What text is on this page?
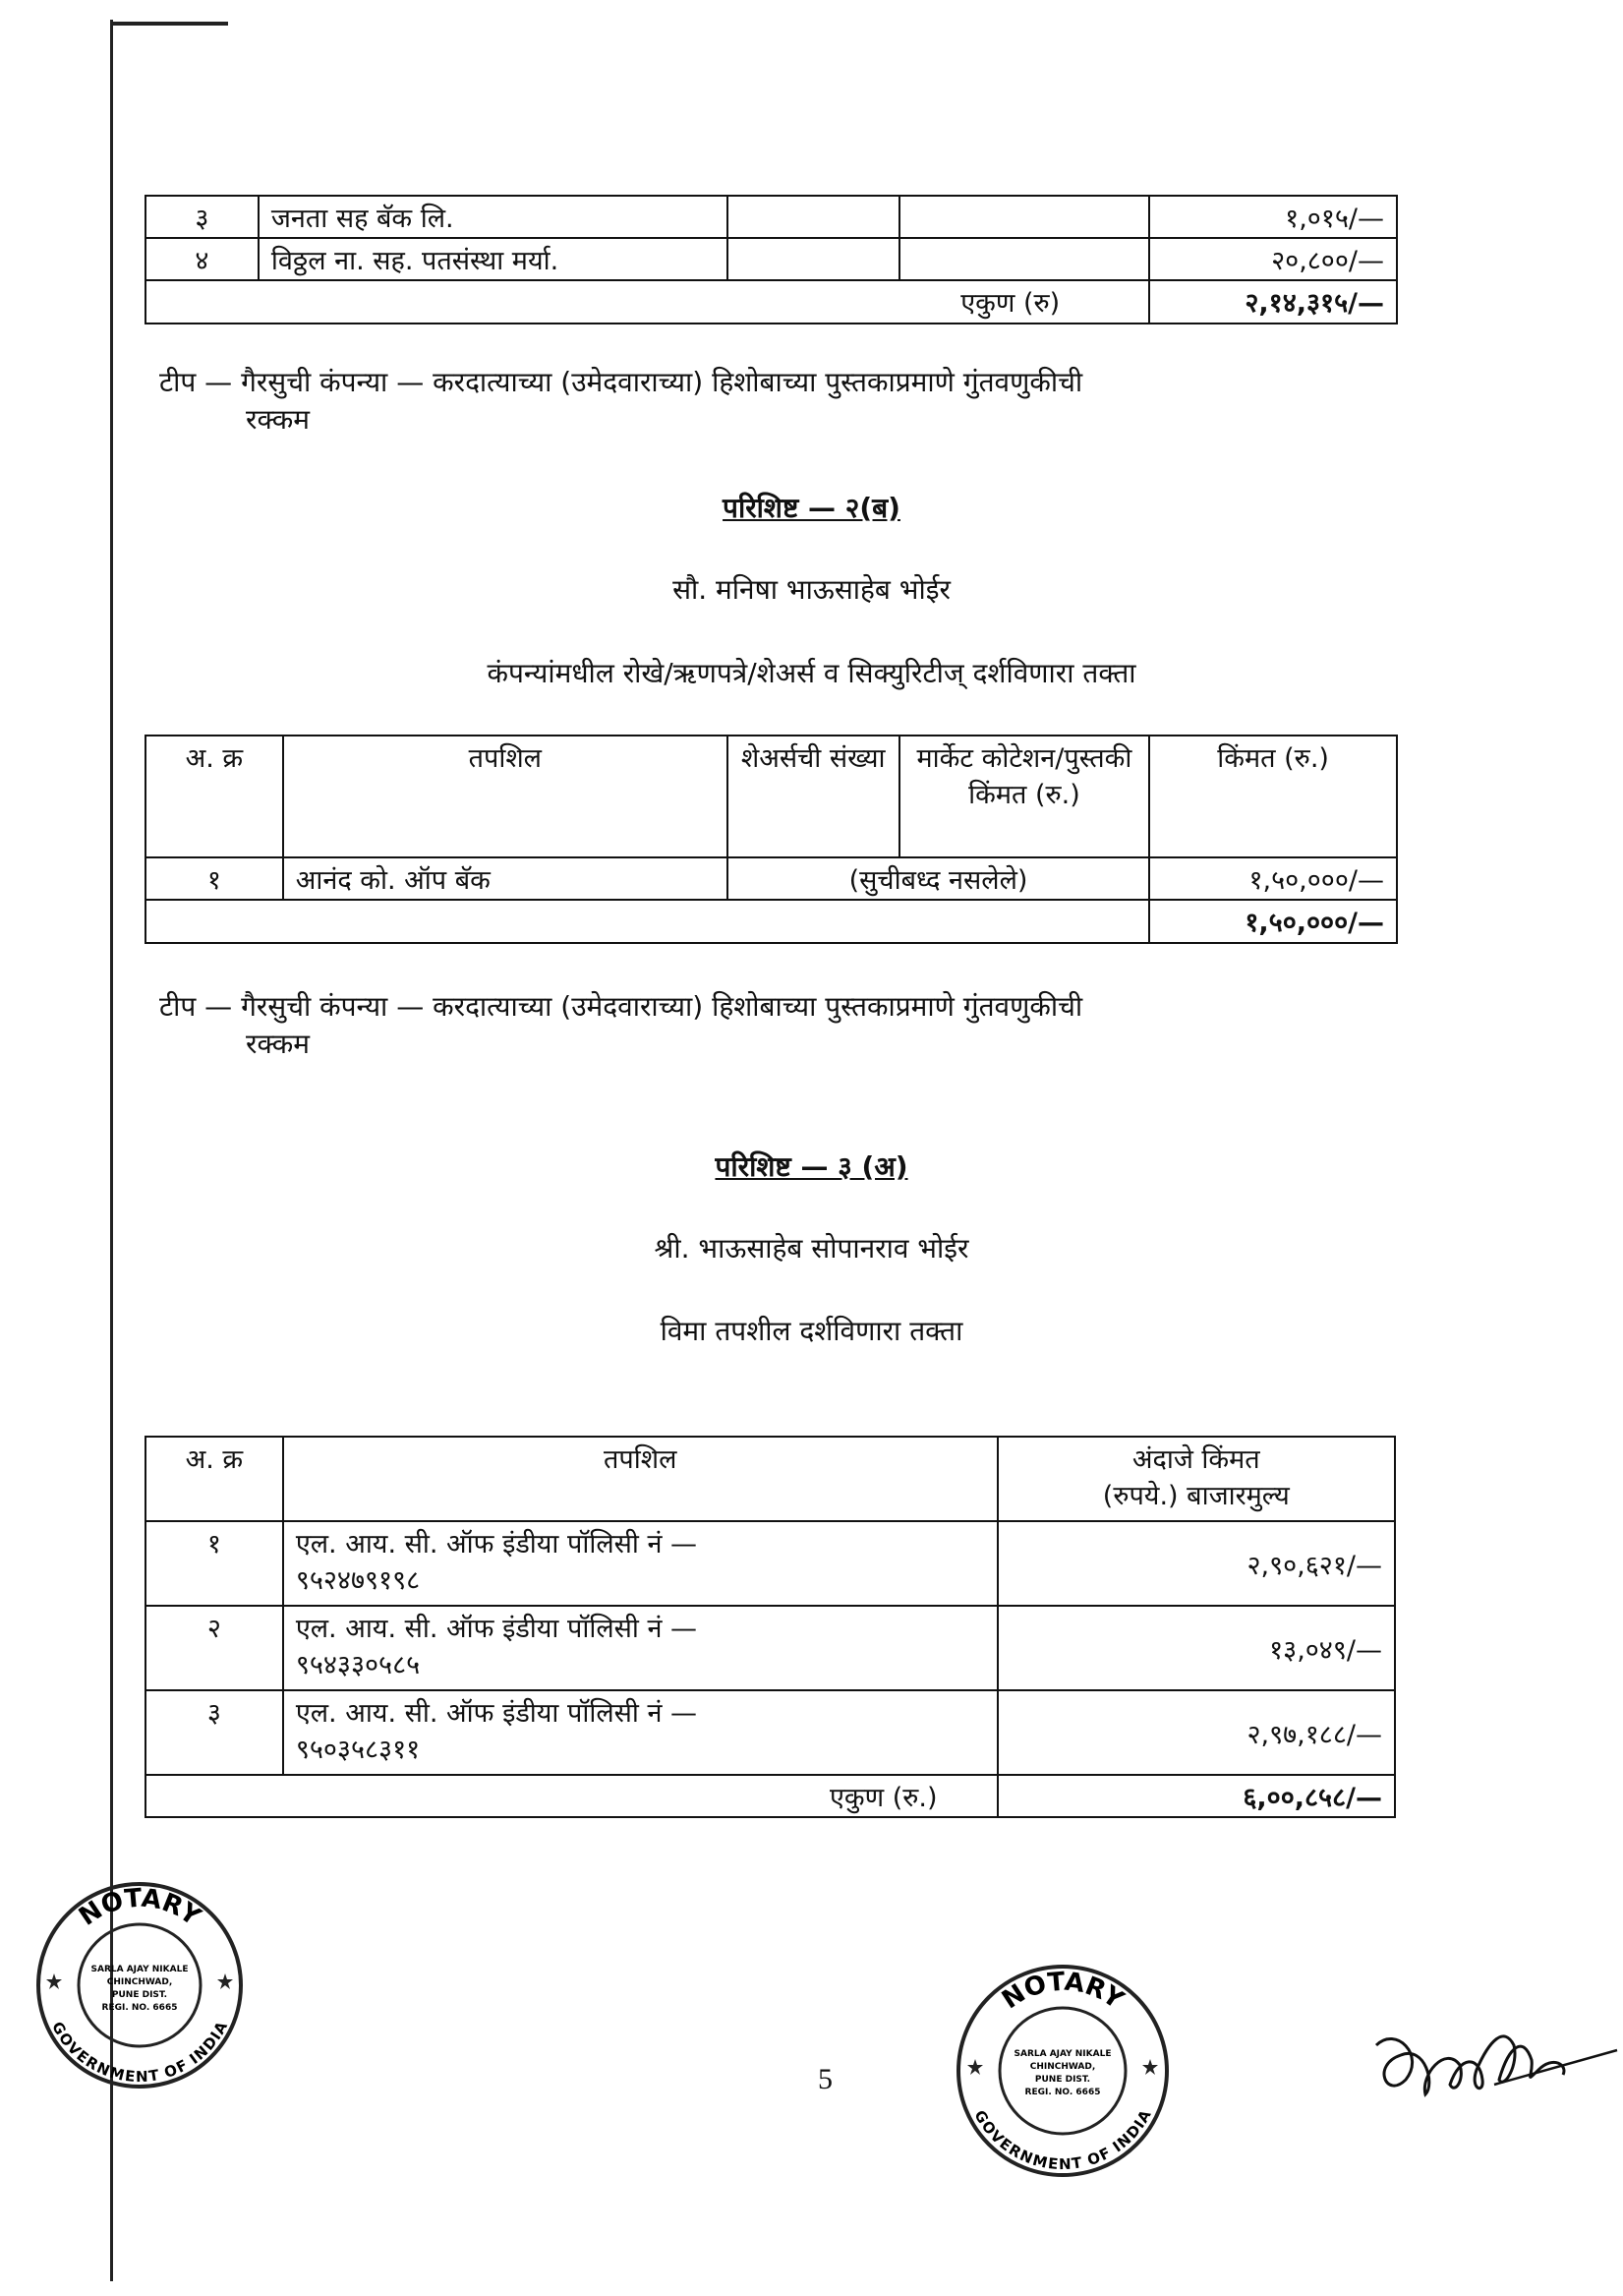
३	जनता सह बॅक लि.			१,०१५/—
४	विठ्ठल ना. सह. पतसंस्था मर्या.			२०,८००/—
एकुण (रु)				२,१४,३१५/—
टीप — गैरसुची कंपन्या — करदात्याच्या (उमेदवाराच्या) हिशोबाच्या पुस्तकाप्रमाणे गुंतवणुकीची
रक्कम
परिशिष्ट — २(ब)
सौ. मनिषा भाऊसाहेब भोईर
कंपन्यांमधील रोखे/ऋणपत्रे/शेअर्स व सिक्युरिटीज् दर्शविणारा तक्ता
अ. क्र	तपशिल	शेअर्सची संख्या	मार्केट कोटेशन/पुस्तकी किंमत (रु.)	किंमत (रु.)
१	आनंद को. ऑप बॅक	(सुचीबध्द नसलेले)		१,५०,०००/—
				१,५०,०००/—
टीप — गैरसुची कंपन्या — करदात्याच्या (उमेदवाराच्या) हिशोबाच्या पुस्तकाप्रमाणे गुंतवणुकीची
रक्कम
परिशिष्ट — ३ (अ)
श्री. भाऊसाहेब सोपानराव भोईर
विमा तपशील दर्शविणारा तक्ता
अ. क्र	तपशिल	अंदाजे किंमत
(रुपये.) बाजारमुल्य
१	एल. आय. सी. ऑफ इंडीया पॉलिसी नं —
९५२४७९१९८	२,९०,६२१/—
२	एल. आय. सी. ऑफ इंडीया पॉलिसी नं —
९५४३३०५८५	१३,०४९/—
३	एल. आय. सी. ऑफ इंडीया पॉलिसी नं —
९५०३५८३११	२,९७,१८८/—
एकुण (रु.)		६,००,८५८/—
5
NOTARY
GOVERNMENT OF INDIA
SARLA AJAY NIKALE
CHINCHWAD,
PUNE DIST.
REGI. NO. 6665	NOTARY
GOVERNMENT OF INDIA
SARLA AJAY NIKALE
CHINCHWAD,
PUNE DIST.
REGI. NO. 6665
